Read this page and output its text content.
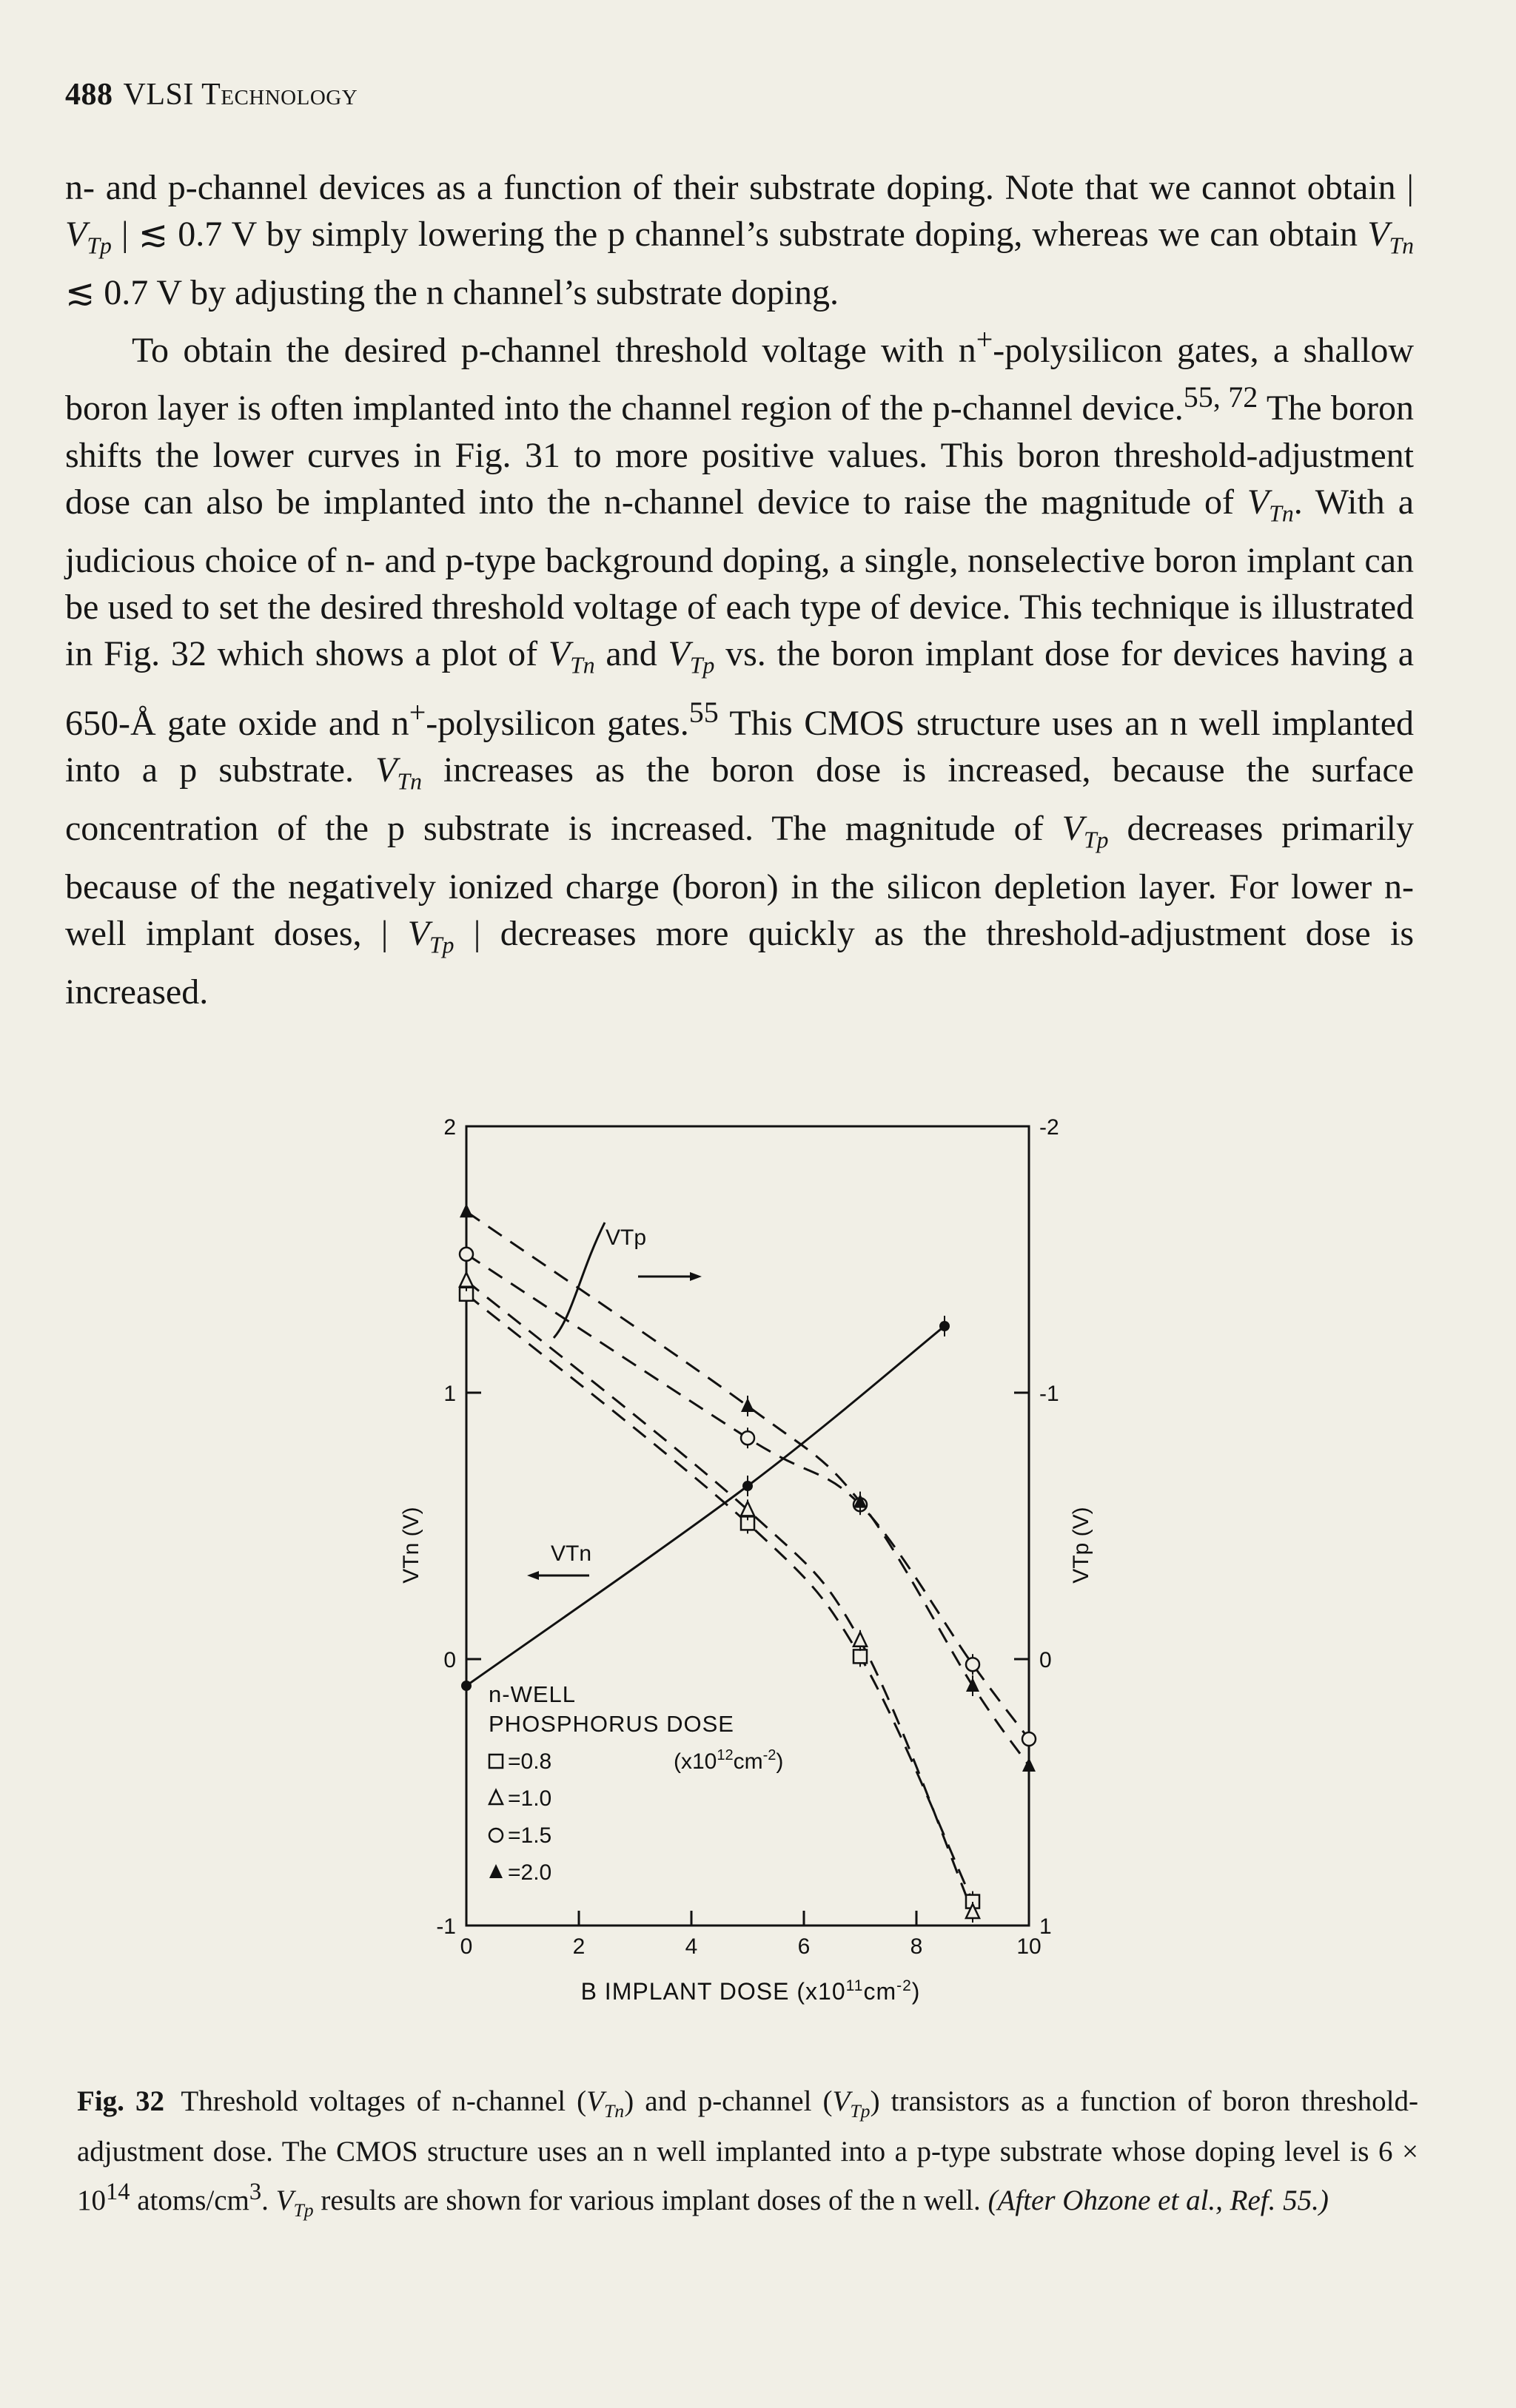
488 VLSI Technology

n- and p-channel devices as a function of their substrate doping. Note that we cannot obtain | $V_{Tp}$ | ≲ 0.7 V by simply lowering the p channel’s substrate doping, whereas we can obtain $V_{Tn}$ ≲ 0.7 V by adjusting the n channel’s substrate doping.

To obtain the desired p-channel threshold voltage with n+-polysilicon gates, a shallow boron layer is often implanted into the channel region of the p-channel device.$^{55, 72}$ The boron shifts the lower curves in Fig. 31 to more positive values. This boron threshold-adjustment dose can also be implanted into the n-channel device to raise the magnitude of $V_{Tn}$. With a judicious choice of n- and p-type background doping, a single, nonselective boron implant can be used to set the desired threshold voltage of each type of device. This technique is illustrated in Fig. 32 which shows a plot of $V_{Tn}$ and $V_{Tp}$ vs. the boron implant dose for devices having a 650-Å gate oxide and n+-polysilicon gates.$^{55}$ This CMOS structure uses an n well implanted into a p substrate. $V_{Tn}$ increases as the boron dose is increased, because the surface concentration of the p substrate is increased. The magnitude of $V_{Tp}$ decreases primarily because of the negatively ionized charge (boron) in the silicon depletion layer. For lower n-well implant doses, | $V_{Tp}$ | decreases more quickly as the threshold-adjustment dose is increased.

0	2	4	6	8	10
-1
0
1
2
1
0
-1
-2
VTn (V)	VTp (V)
B IMPLANT DOSE $(x10^{11}cm^{-2})$
VTp
VTn
n-WELL
PHOSPHORUS DOSE
$(x10^{12}cm^{-2})$
=0.8
=1.0
=1.5
=2.0
Fig. 32 Threshold voltages of n-channel $(V_{Tn})$ and p-channel $(V_{Tp})$ transistors as a function of boron threshold-adjustment dose. The CMOS structure uses an n well implanted into a p-type substrate whose doping level is $6 \times 10^{14}$ atoms/$cm^3$. $V_{Tp}$ results are shown for various implant doses of the n well. (After Ohzone et al., Ref. 55.)
